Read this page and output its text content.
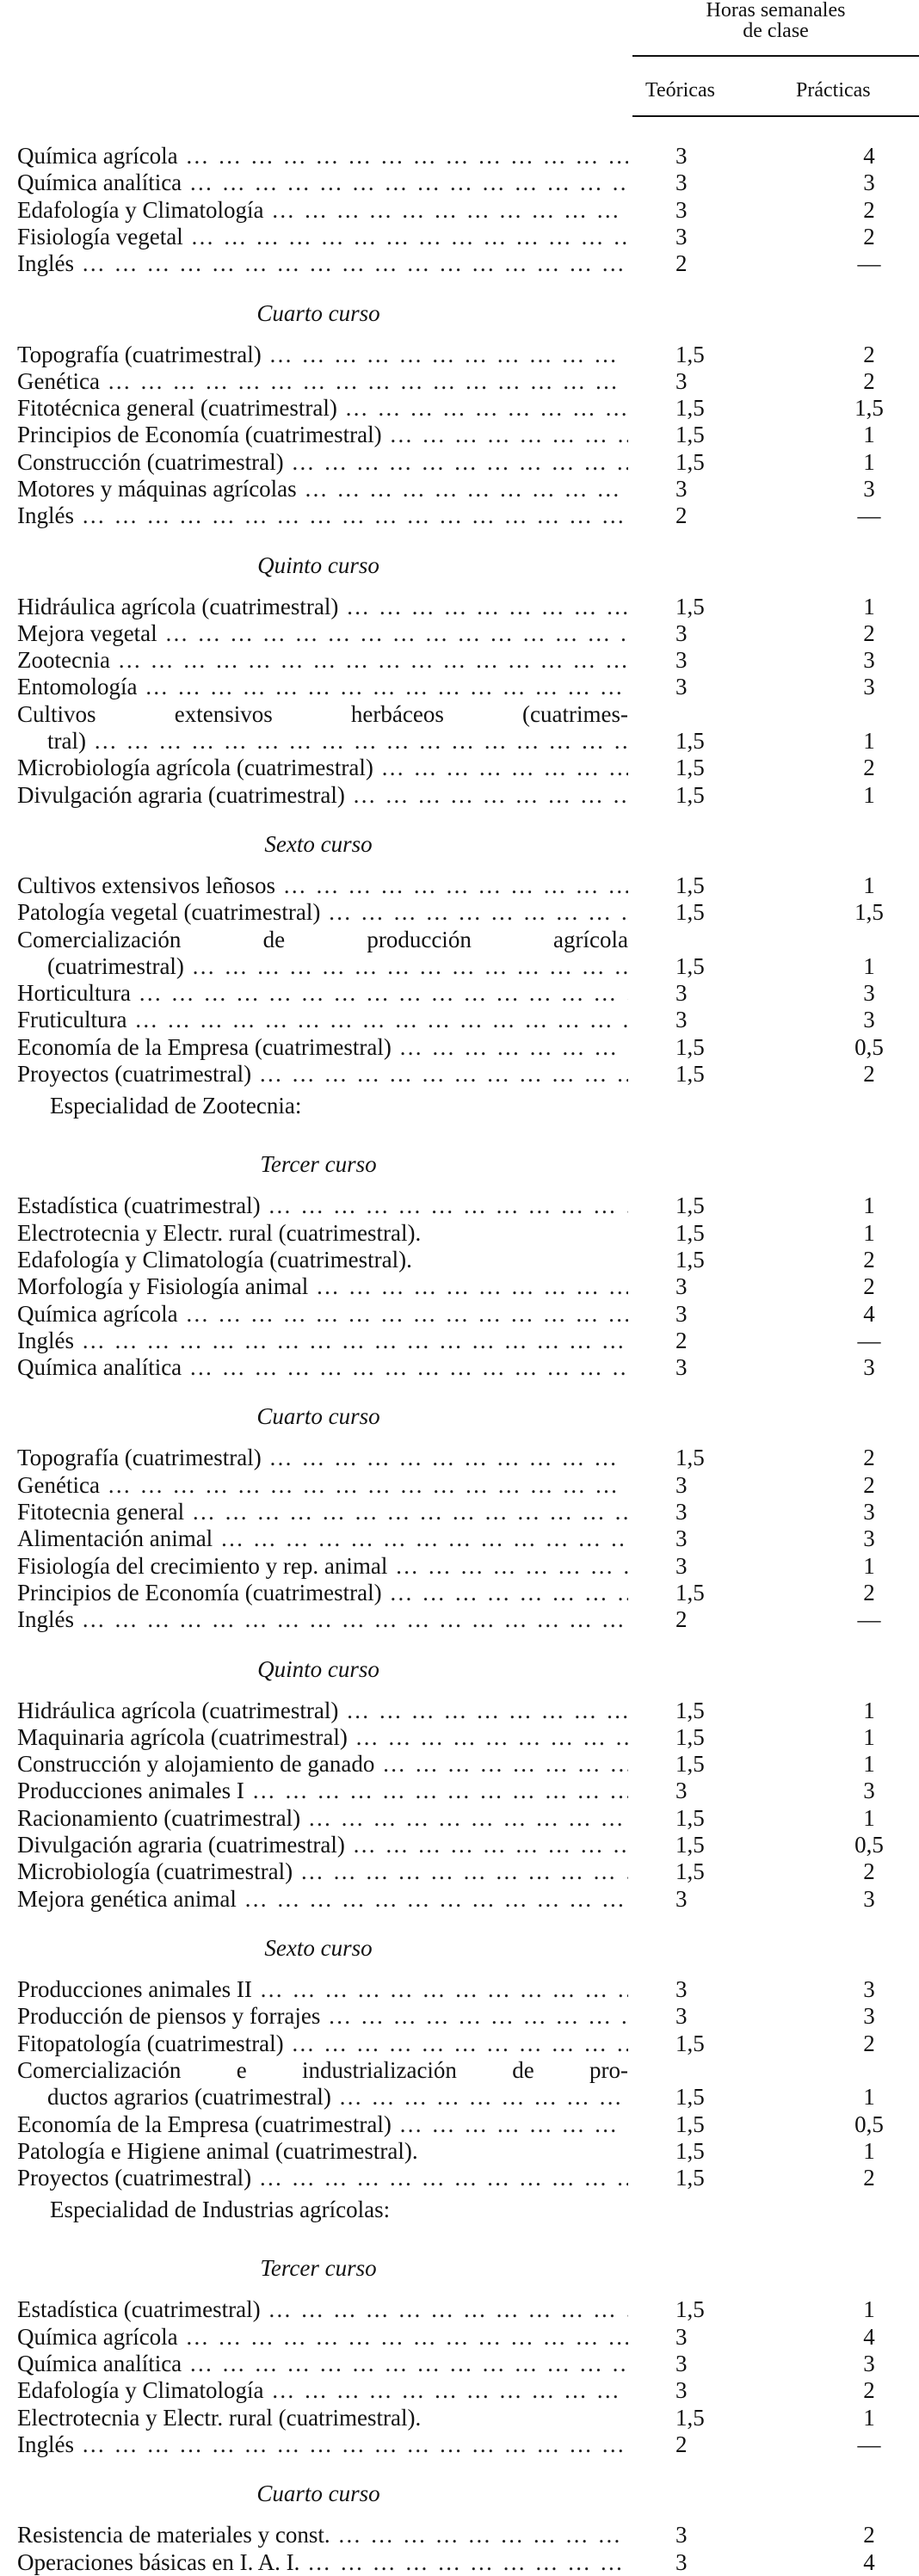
Horas semanales
de clase
Teóricas	Prácticas
Química agrícola … … … … … … … … … … … … … … … … … … … … … … … … … … … … … … … … …	3	4
Química analítica … … … … … … … … … … … … … … … … … … … … … … … … … … … … … … … … …	3	3
Edafología y Climatología … … … … … … … … … … … … … … … … … … … … … … … … … … … … … … … … …	3	2
Fisiología vegetal … … … … … … … … … … … … … … … … … … … … … … … … … … … … … … … … …	3	2
Inglés … … … … … … … … … … … … … … … … … … … … … … … … … … … … … … … … …	2	—
Cuarto curso
Topografía (cuatrimestral) … … … … … … … … … … … … … … … … … … … … … … … … … … … … … … … … …	1,5	2
Genética … … … … … … … … … … … … … … … … … … … … … … … … … … … … … … … … …	3	2
Fitotécnica general (cuatrimestral) … … … … … … … … … … … … … … … … … … … … … … … … … … … … … … … … …	1,5	1,5
Principios de Economía (cuatrimestral) … … … … … … … … … … … … … … … … … … … … … … … … … … … … … … … … …	1,5	1
Construcción (cuatrimestral) … … … … … … … … … … … … … … … … … … … … … … … … … … … … … … … … …	1,5	1
Motores y máquinas agrícolas … … … … … … … … … … … … … … … … … … … … … … … … … … … … … … … … …	3	3
Inglés … … … … … … … … … … … … … … … … … … … … … … … … … … … … … … … … …	2	—
Quinto curso
Hidráulica agrícola (cuatrimestral) … … … … … … … … … … … … … … … … … … … … … … … … … … … … … … … … …	1,5	1
Mejora vegetal … … … … … … … … … … … … … … … … … … … … … … … … … … … … … … … … …	3	2
Zootecnia … … … … … … … … … … … … … … … … … … … … … … … … … … … … … … … … …	3	3
Entomología … … … … … … … … … … … … … … … … … … … … … … … … … … … … … … … … …	3	3
Cultivos extensivos herbáceos (cuatrimes-
tral) … … … … … … … … … … … … … … … … … … … … … … … … … … … … … … … … …	1,5	1
Microbiología agrícola (cuatrimestral) … … … … … … … … … … … … … … … … … … … … … … … … … … … … … … … … …	1,5	2
Divulgación agraria (cuatrimestral) … … … … … … … … … … … … … … … … … … … … … … … … … … … … … … … … …	1,5	1
Sexto curso
Cultivos extensivos leñosos … … … … … … … … … … … … … … … … … … … … … … … … … … … … … … … … …	1,5	1
Patología vegetal (cuatrimestral) … … … … … … … … … … … … … … … … … … … … … … … … … … … … … … … … …	1,5	1,5
Comercialización de producción agrícola
(cuatrimestral) … … … … … … … … … … … … … … … … … … … … … … … … … … … … … … … … …	1,5	1
Horticultura … … … … … … … … … … … … … … … … … … … … … … … … … … … … … … … … …	3	3
Fruticultura … … … … … … … … … … … … … … … … … … … … … … … … … … … … … … … … …	3	3
Economía de la Empresa (cuatrimestral) … … … … … … … … … … … … … … … … … … … … … … … … … … … … … … … … …	1,5	0,5
Proyectos (cuatrimestral) … … … … … … … … … … … … … … … … … … … … … … … … … … … … … … … … …	1,5	2
Especialidad de Zootecnia:
Tercer curso
Estadística (cuatrimestral) … … … … … … … … … … … … … … … … … … … … … … … … … … … … … … … … …	1,5	1
Electrotecnia y Electr. rural (cuatrimestral).	1,5	1
Edafología y Climatología (cuatrimestral).	1,5	2
Morfología y Fisiología animal … … … … … … … … … … … … … … … … … … … … … … … … … … … … … … … … …	3	2
Química agrícola … … … … … … … … … … … … … … … … … … … … … … … … … … … … … … … … …	3	4
Inglés … … … … … … … … … … … … … … … … … … … … … … … … … … … … … … … … …	2	—
Química analítica … … … … … … … … … … … … … … … … … … … … … … … … … … … … … … … … …	3	3
Cuarto curso
Topografía (cuatrimestral) … … … … … … … … … … … … … … … … … … … … … … … … … … … … … … … … …	1,5	2
Genética … … … … … … … … … … … … … … … … … … … … … … … … … … … … … … … … …	3	2
Fitotecnia general … … … … … … … … … … … … … … … … … … … … … … … … … … … … … … … … …	3	3
Alimentación animal … … … … … … … … … … … … … … … … … … … … … … … … … … … … … … … … …	3	3
Fisiología del crecimiento y rep. animal … … … … … … … … … … … … … … … … … … … … … … … … … … … … … … … … …	3	1
Principios de Economía (cuatrimestral) … … … … … … … … … … … … … … … … … … … … … … … … … … … … … … … … …	1,5	2
Inglés … … … … … … … … … … … … … … … … … … … … … … … … … … … … … … … … …	2	—
Quinto curso
Hidráulica agrícola (cuatrimestral) … … … … … … … … … … … … … … … … … … … … … … … … … … … … … … … … …	1,5	1
Maquinaria agrícola (cuatrimestral) … … … … … … … … … … … … … … … … … … … … … … … … … … … … … … … … …	1,5	1
Construcción y alojamiento de ganado … … … … … … … … … … … … … … … … … … … … … … … … … … … … … … … … …	1,5	1
Producciones animales I … … … … … … … … … … … … … … … … … … … … … … … … … … … … … … … … …	3	3
Racionamiento (cuatrimestral) … … … … … … … … … … … … … … … … … … … … … … … … … … … … … … … … …	1,5	1
Divulgación agraria (cuatrimestral) … … … … … … … … … … … … … … … … … … … … … … … … … … … … … … … … …	1,5	0,5
Microbiología (cuatrimestral) … … … … … … … … … … … … … … … … … … … … … … … … … … … … … … … … …	1,5	2
Mejora genética animal … … … … … … … … … … … … … … … … … … … … … … … … … … … … … … … … …	3	3
Sexto curso
Producciones animales II … … … … … … … … … … … … … … … … … … … … … … … … … … … … … … … … …	3	3
Producción de piensos y forrajes … … … … … … … … … … … … … … … … … … … … … … … … … … … … … … … … …	3	3
Fitopatología (cuatrimestral) … … … … … … … … … … … … … … … … … … … … … … … … … … … … … … … … …	1,5	2
Comercialización e industrialización de pro-
ductos agrarios (cuatrimestral) … … … … … … … … … … … … … … … … … … … … … … … … … … … … … … … … …	1,5	1
Economía de la Empresa (cuatrimestral) … … … … … … … … … … … … … … … … … … … … … … … … … … … … … … … … …	1,5	0,5
Patología e Higiene animal (cuatrimestral).	1,5	1
Proyectos (cuatrimestral) … … … … … … … … … … … … … … … … … … … … … … … … … … … … … … … … …	1,5	2
Especialidad de Industrias agrícolas:
Tercer curso
Estadística (cuatrimestral) … … … … … … … … … … … … … … … … … … … … … … … … … … … … … … … … …	1,5	1
Química agrícola … … … … … … … … … … … … … … … … … … … … … … … … … … … … … … … … …	3	4
Química analítica … … … … … … … … … … … … … … … … … … … … … … … … … … … … … … … … …	3	3
Edafología y Climatología … … … … … … … … … … … … … … … … … … … … … … … … … … … … … … … … …	3	2
Electrotecnia y Electr. rural (cuatrimestral).	1,5	1
Inglés … … … … … … … … … … … … … … … … … … … … … … … … … … … … … … … … …	2	—
Cuarto curso
Resistencia de materiales y const. … … … … … … … … … … … … … … … … … … … … … … … … … … … … … … … … …	3	2
Operaciones básicas en I. A. I. … … … … … … … … … … … … … … … … … … … … … … … … … … … … … … … … …	3	4
